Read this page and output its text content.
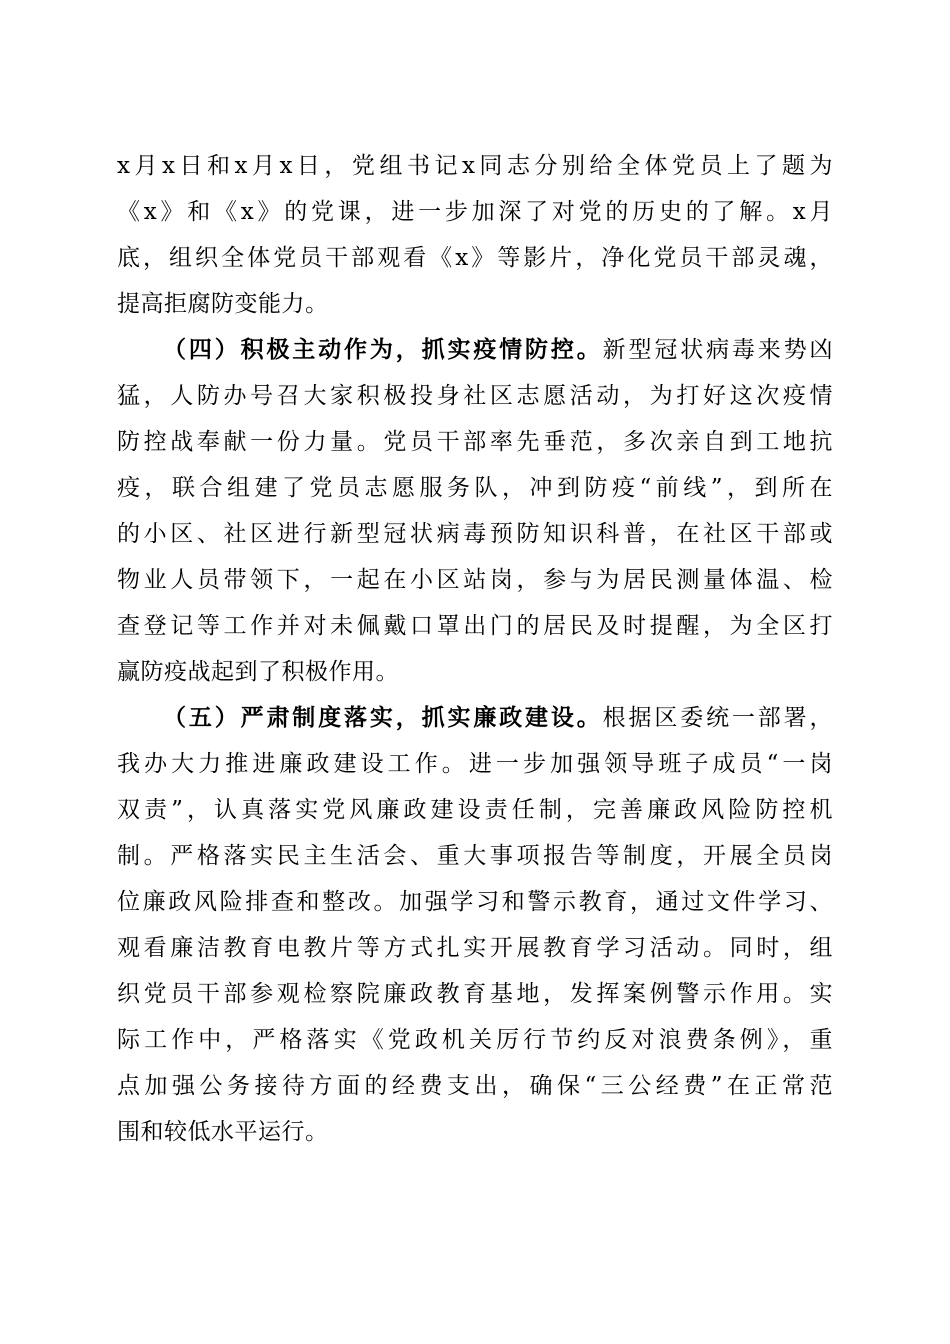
x月x日和x月x日，党组书记x同志分别给全体党员上了题为
《x》和《x》的党课，进一步加深了对党的历史的了解。x月
底，组织全体党员干部观看《x》等影片，净化党员干部灵魂，
提高拒腐防变能力。
（四）积极主动作为，抓实疫情防控。新型冠状病毒来势凶
猛，人防办号召大家积极投身社区志愿活动，为打好这次疫情
防控战奉献一份力量。党员干部率先垂范，多次亲自到工地抗
疫，联合组建了党员志愿服务队，冲到防疫“前线”，到所在
的小区、社区进行新型冠状病毒预防知识科普，在社区干部或
物业人员带领下，一起在小区站岗，参与为居民测量体温、检
查登记等工作并对未佩戴口罩出门的居民及时提醒，为全区打
赢防疫战起到了积极作用。
（五）严肃制度落实，抓实廉政建设。根据区委统一部署，
我办大力推进廉政建设工作。进一步加强领导班子成员“一岗
双责”，认真落实党风廉政建设责任制，完善廉政风险防控机
制。严格落实民主生活会、重大事项报告等制度，开展全员岗
位廉政风险排查和整改。加强学习和警示教育，通过文件学习、
观看廉洁教育电教片等方式扎实开展教育学习活动。同时，组
织党员干部参观检察院廉政教育基地，发挥案例警示作用。实
际工作中，严格落实《党政机关厉行节约反对浪费条例》，重
点加强公务接待方面的经费支出，确保“三公经费”在正常范
围和较低水平运行。
